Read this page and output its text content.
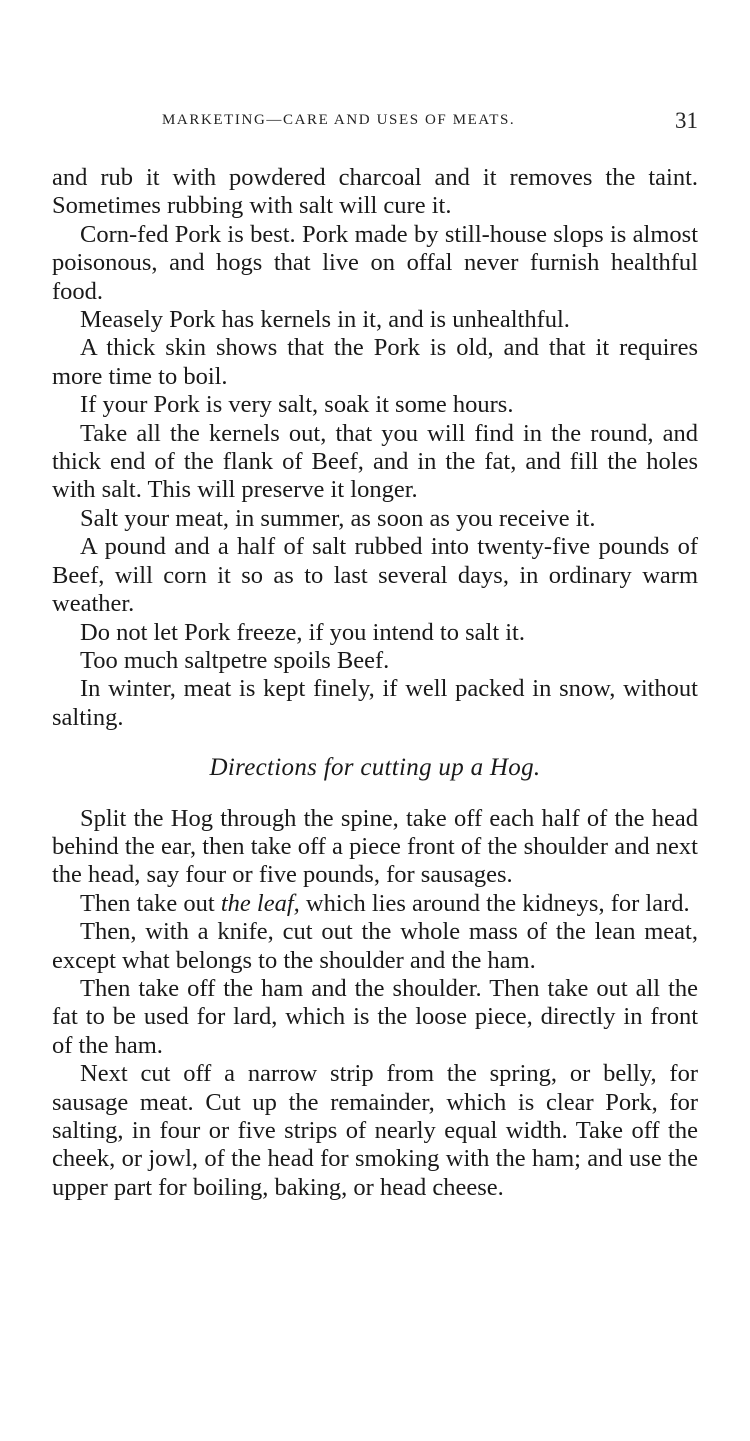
MARKETING—CARE AND USES OF MEATS.	31

and rub it with powdered charcoal and it removes the taint. Sometimes rubbing with salt will cure it.

Corn-fed Pork is best. Pork made by still-house slops is almost poisonous, and hogs that live on offal never furnish healthful food.

Measely Pork has kernels in it, and is unhealthful.

A thick skin shows that the Pork is old, and that it requires more time to boil.

If your Pork is very salt, soak it some hours.

Take all the kernels out, that you will find in the round, and thick end of the flank of Beef, and in the fat, and fill the holes with salt. This will preserve it longer.

Salt your meat, in summer, as soon as you receive it.

A pound and a half of salt rubbed into twenty-five pounds of Beef, will corn it so as to last several days, in ordinary warm weather.

Do not let Pork freeze, if you intend to salt it.

Too much saltpetre spoils Beef.

In winter, meat is kept finely, if well packed in snow, without salting.

Directions for cutting up a Hog.

Split the Hog through the spine, take off each half of the head behind the ear, then take off a piece front of the shoulder and next the head, say four or five pounds, for sausages.

Then take out the leaf, which lies around the kidneys, for lard.

Then, with a knife, cut out the whole mass of the lean meat, except what belongs to the shoulder and the ham.

Then take off the ham and the shoulder. Then take out all the fat to be used for lard, which is the loose piece, directly in front of the ham.

Next cut off a narrow strip from the spring, or belly, for sausage meat. Cut up the remainder, which is clear Pork, for salting, in four or five strips of nearly equal width. Take off the cheek, or jowl, of the head for smoking with the ham; and use the upper part for boiling, baking, or head cheese.
